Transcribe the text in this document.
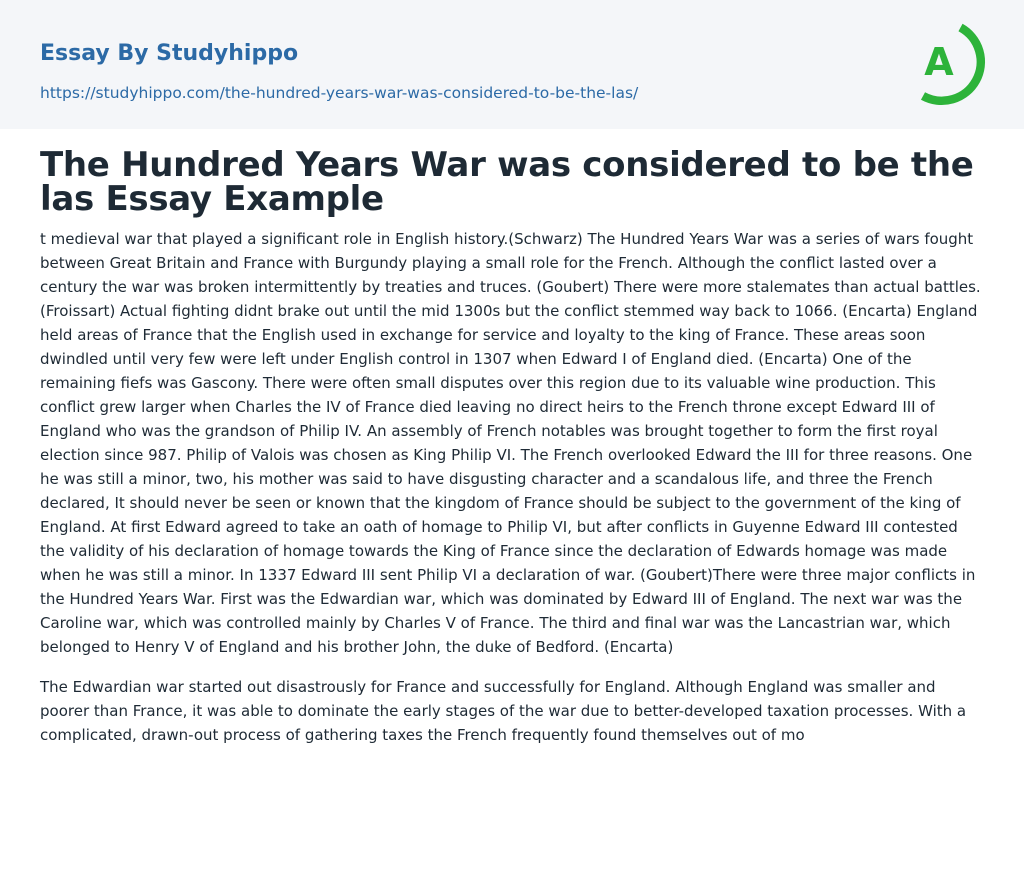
Essay By Studyhippo
https://studyhippo.com/the-hundred-years-war-was-considered-to-be-the-las/
A
The Hundred Years War was considered to be the las Essay Example

t medieval war that played a significant role in English history.(Schwarz) The Hundred Years War was a series of wars fought between Great Britain and France with Burgundy playing a small role for the French. Although the conflict lasted over a century the war was broken intermittently by treaties and truces. (Goubert) There were more stalemates than actual battles. (Froissart) Actual fighting didnt brake out until the mid 1300s but the conflict stemmed way back to 1066. (Encarta) England held areas of France that the English used in exchange for service and loyalty to the king of France. These areas soon dwindled until very few were left under English control in 1307 when Edward I of England died. (Encarta) One of the remaining fiefs was Gascony. There were often small disputes over this region due to its valuable wine production. This conflict grew larger when Charles the IV of France died leaving no direct heirs to the French throne except Edward III of England who was the grandson of Philip IV. An assembly of French notables was brought together to form the first royal election since 987. Philip of Valois was chosen as King Philip VI. The French overlooked Edward the III for three reasons. One he was still a minor, two, his mother was said to have disgusting character and a scandalous life, and three the French declared, It should never be seen or known that the kingdom of France should be subject to the government of the king of England. At first Edward agreed to take an oath of homage to Philip VI, but after conflicts in Guyenne Edward III contested the validity of his declaration of homage towards the King of France since the declaration of Edwards homage was made when he was still a minor. In 1337 Edward III sent Philip VI a declaration of war. (Goubert)There were three major conflicts in the Hundred Years War. First was the Edwardian war, which was dominated by Edward III of England. The next war was the Caroline war, which was controlled mainly by Charles V of France. The third and final war was the Lancastrian war, which belonged to Henry V of England and his brother John, the duke of Bedford. (Encarta)

The Edwardian war started out disastrously for France and successfully for England. Although England was smaller and poorer than France, it was able to dominate the early stages of the war due to better-developed taxation processes. With a complicated, drawn-out process of gathering taxes the French frequently found themselves out of mo
